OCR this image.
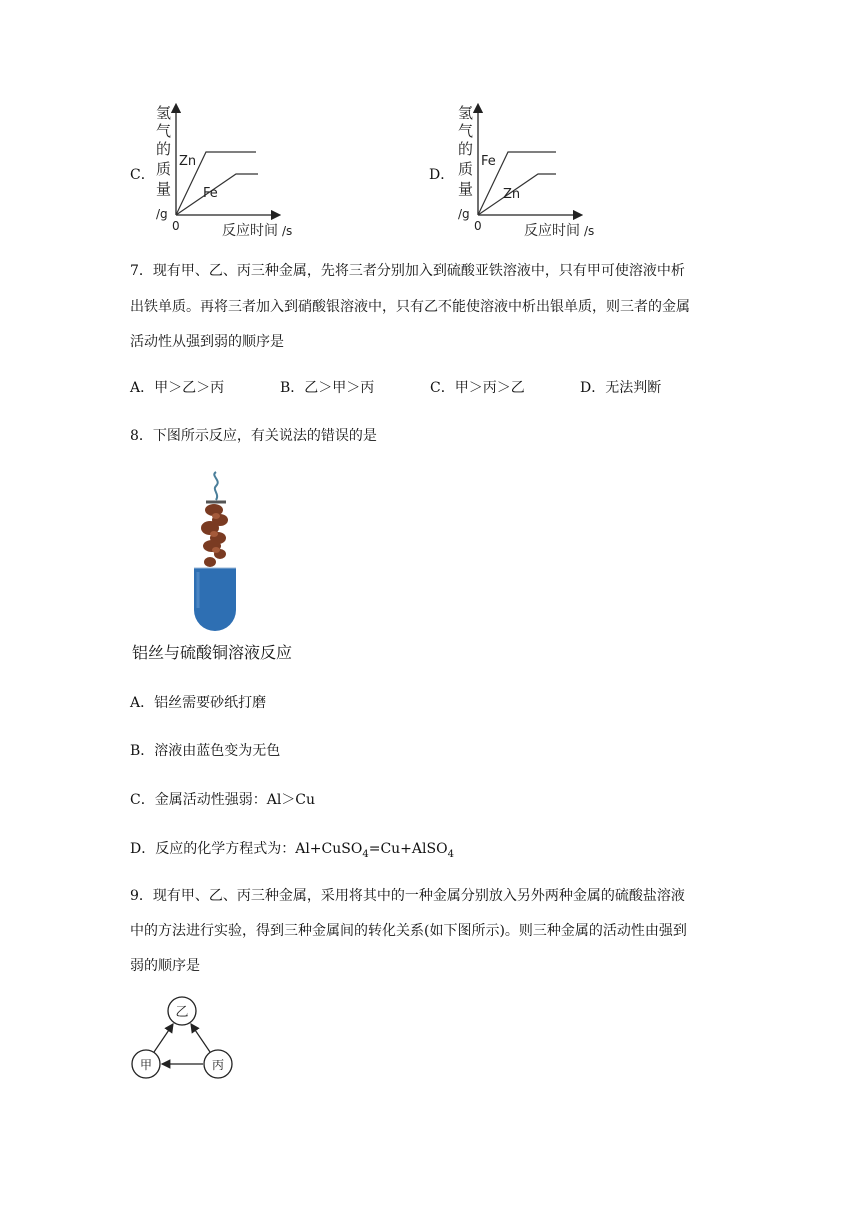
C．
氢
气
的
质
量
/g
0	反应时间 /s
Zn
Fe
D．
氢
气
的
质
量
/g
0	反应时间 /s
Fe
Zn
7．现有甲、乙、丙三种金属，先将三者分别加入到硫酸亚铁溶液中，只有甲可使溶液中析
出铁单质。再将三者加入到硝酸银溶液中，只有乙不能使溶液中析出银单质，则三者的金属
活动性从强到弱的顺序是
A．甲＞乙＞丙	B．乙＞甲＞丙	C．甲＞丙＞乙	D．无法判断
8．下图所示反应，有关说法的错误的是
铝丝与硫酸铜溶液反应
A．铝丝需要砂纸打磨
B．溶液由蓝色变为无色
C．金属活动性强弱：Al＞Cu
D．反应的化学方程式为：Al+CuSO$_4$=Cu+AlSO$_4$
9．现有甲、乙、丙三种金属，采用将其中的一种金属分别放入另外两种金属的硫酸盐溶液
中的方法进行实验，得到三种金属间的转化关系(如下图所示)。则三种金属的活动性由强到
弱的顺序是
乙
甲	丙
